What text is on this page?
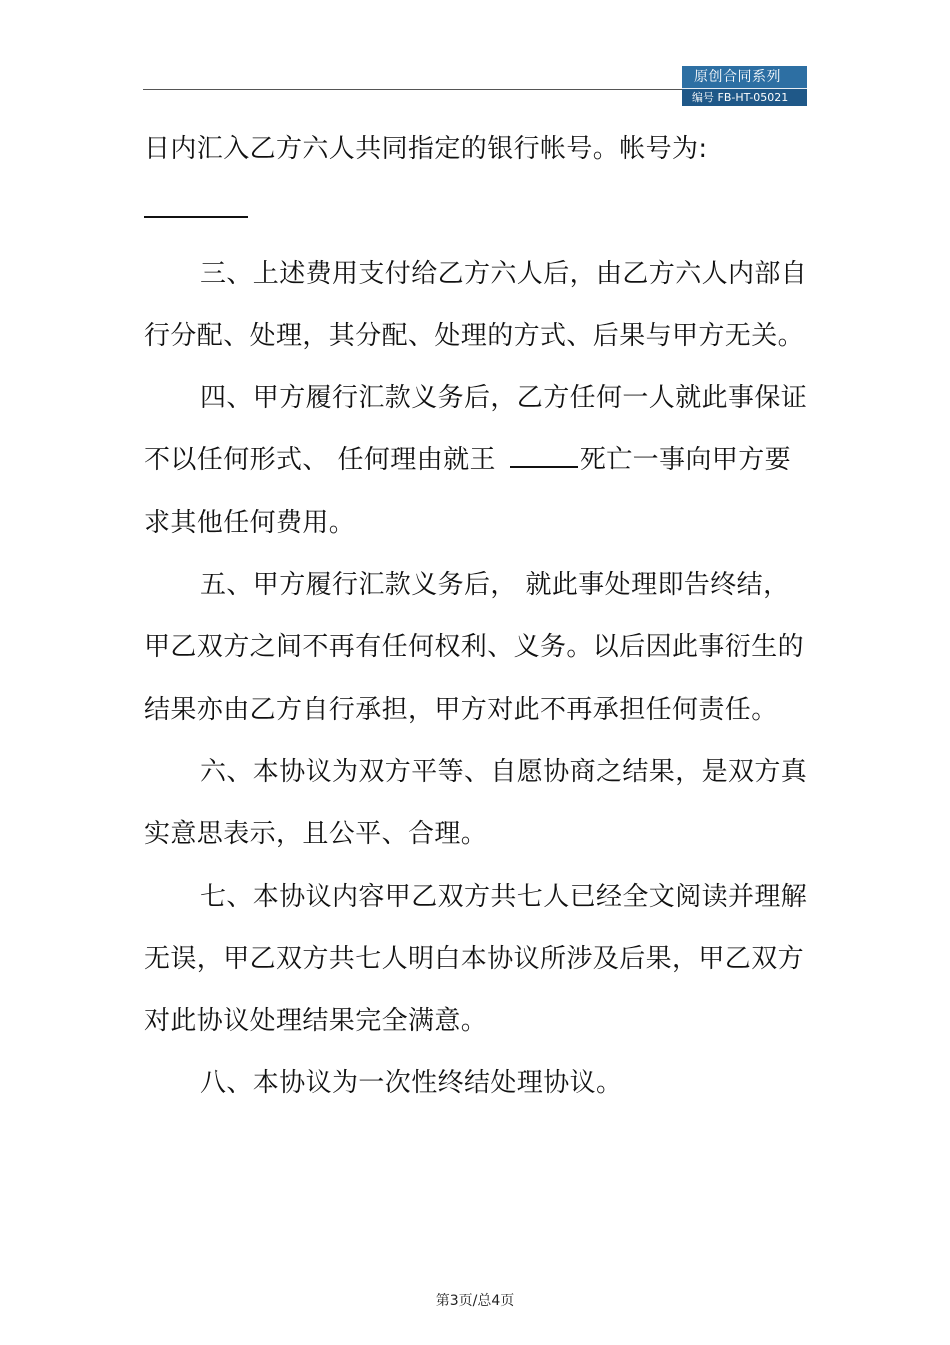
原创合同系列
编号 FB-HT-05021

日内汇入乙方六人共同指定的银行帐号。帐号为:

三、上述费用支付给乙方六人后，由乙方六人内部自行分配、处理，其分配、处理的方式、后果与甲方无关。

四、甲方履行汇款义务后，乙方任何一人就此事保证不以任何形式、 任何理由就王	死亡一事向甲方要求其他任何费用。

五、甲方履行汇款义务后， 就此事处理即告终结，甲乙双方之间不再有任何权利、义务。以后因此事衍生的结果亦由乙方自行承担，甲方对此不再承担任何责任。

六、本协议为双方平等、自愿协商之结果，是双方真实意思表示，且公平、合理。

七、本协议内容甲乙双方共七人已经全文阅读并理解无误，甲乙双方共七人明白本协议所涉及后果，甲乙双方对此协议处理结果完全满意。

八、本协议为一次性终结处理协议。

第3页/总4页
